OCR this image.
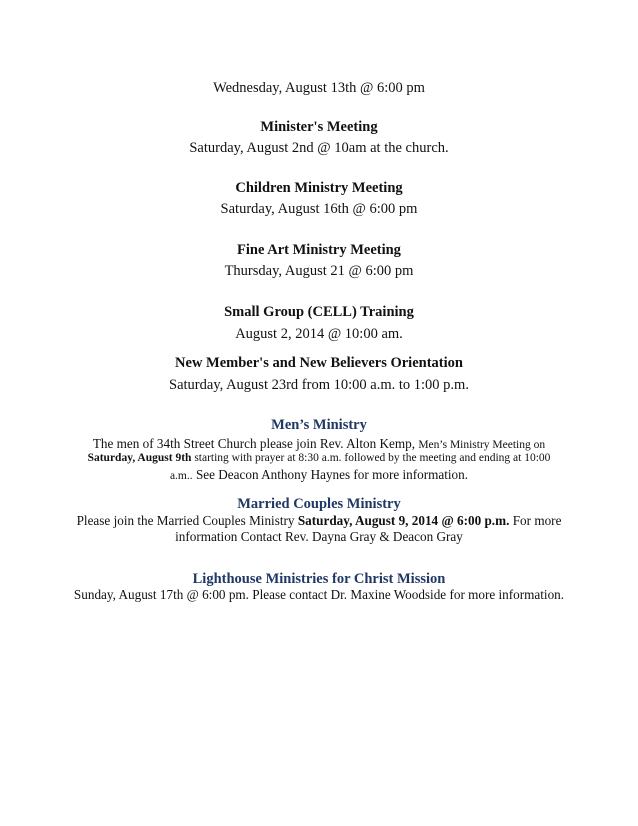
Wednesday, August 13th @ 6:00 pm
Minister's Meeting
Saturday, August 2nd @ 10am at the church.
Children Ministry Meeting
Saturday, August 16th @ 6:00 pm
Fine Art Ministry Meeting
Thursday, August 21 @ 6:00 pm
Small Group (CELL) Training
August 2, 2014 @ 10:00 am.
New Member's and New Believers Orientation
Saturday, August 23rd from 10:00 a.m. to 1:00 p.m.
Men’s Ministry
The men of 34th Street Church please join Rev. Alton Kemp, Men’s Ministry Meeting on
Saturday, August 9th starting with prayer at 8:30 a.m. followed by the meeting and ending at 10:00
a.m.. See Deacon Anthony Haynes for more information.
Married Couples Ministry
Please join the Married Couples Ministry Saturday, August 9, 2014 @ 6:00 p.m. For more
information Contact Rev. Dayna Gray & Deacon Gray
Lighthouse Ministries for Christ Mission
Sunday, August 17th @ 6:00 pm. Please contact Dr. Maxine Woodside for more information.
